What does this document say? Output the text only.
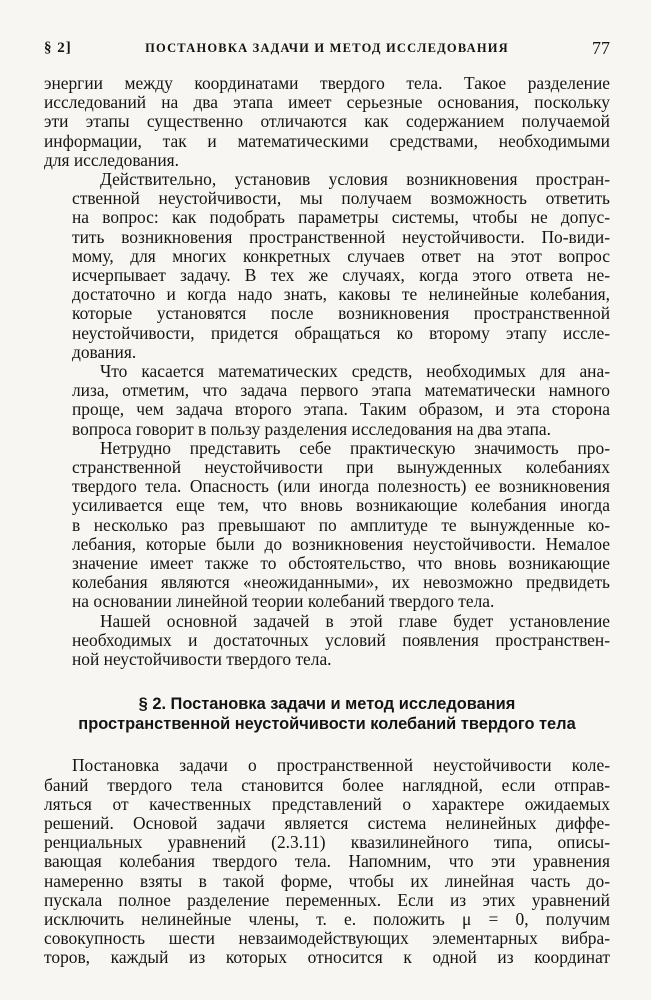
§ 2]	ПОСТАНОВКА ЗАДАЧИ И МЕТОД ИССЛЕДОВАНИЯ	77

энергии между координатами твердого тела. Такое разделение
исследований на два этапа имеет серьезные основания, поскольку
эти этапы существенно отличаются как содержанием получаемой
информации, так и математическими средствами, необходимыми
для исследования.

Действительно, установив условия возникновения простран-
ственной неустойчивости, мы получаем возможность ответить
на вопрос: как подобрать параметры системы, чтобы не допус-
тить возникновения пространственной неустойчивости. По-види-
мому, для многих конкретных случаев ответ на этот вопрос
исчерпывает задачу. В тех же случаях, когда этого ответа не-
достаточно и когда надо знать, каковы те нелинейные колебания,
которые установятся после возникновения пространственной
неустойчивости, придется обращаться ко второму этапу иссле-
дования.

Что касается математических средств, необходимых для ана-
лиза, отметим, что задача первого этапа математически намного
проще, чем задача второго этапа. Таким образом, и эта сторона
вопроса говорит в пользу разделения исследования на два этапа.

Нетрудно представить себе практическую значимость про-
странственной неустойчивости при вынужденных колебаниях
твердого тела. Опасность (или иногда полезность) ее возникновения
усиливается еще тем, что вновь возникающие колебания иногда
в несколько раз превышают по амплитуде те вынужденные ко-
лебания, которые были до возникновения неустойчивости. Немалое
значение имеет также то обстоятельство, что вновь возникающие
колебания являются «неожиданными», их невозможно предвидеть
на основании линейной теории колебаний твердого тела.

Нашей основной задачей в этой главе будет установление
необходимых и достаточных условий появления пространствен-
ной неустойчивости твердого тела.

§ 2. Постановка задачи и метод исследования
пространственной неустойчивости колебаний твердого тела

Постановка задачи о пространственной неустойчивости коле-
баний твердого тела становится более наглядной, если отправ-
ляться от качественных представлений о характере ожидаемых
решений. Основой задачи является система нелинейных диффе-
ренциальных уравнений (2.3.11) квазилинейного типа, описы-
вающая колебания твердого тела. Напомним, что эти уравнения
намеренно взяты в такой форме, чтобы их линейная часть до-
пускала полное разделение переменных. Если из этих уравнений
исключить нелинейные члены, т. е. положить μ = 0, получим
совокупность шести невзаимодействующих элементарных вибра-
торов, каждый из которых относится к одной из координат
